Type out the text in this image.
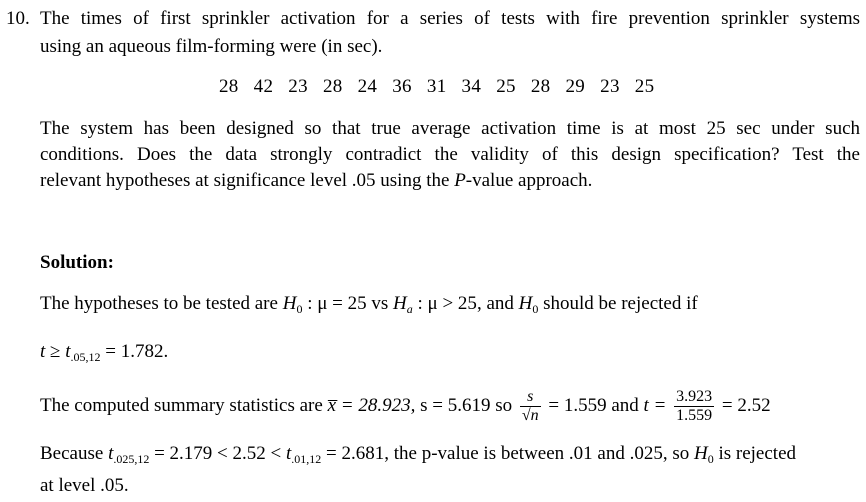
10. The times of first sprinkler activation for a series of tests with fire prevention sprinkler systems
using an aqueous film-forming were (in sec).
28 42 23 28 24 36 31 34 25 28 29 23 25
The system has been designed so that true average activation time is at most 25 sec under such
conditions. Does the data strongly contradict the validity of this design specification? Test the
relevant hypotheses at significance level .05 using the P-value approach.
Solution:
The hypotheses to be tested are $H_0$ : μ = 25 vs $H_a$ : μ > 25, and $H_0$ should be rejected if
$t \ge t_{.05,12} = 1.782$.
The computed summary statistics are x̅ = 28.923, s = 5.619 so $\frac{s}{√n} = 1.559$ and $t = \frac{3.923}{1.559} = 2.52$
Because $t_{.025,12} = 2.179 < 2.52 < t_{.01,12} = 2.681$, the p-value is between .01 and .025, so $H_0$ is rejected
at level .05.
